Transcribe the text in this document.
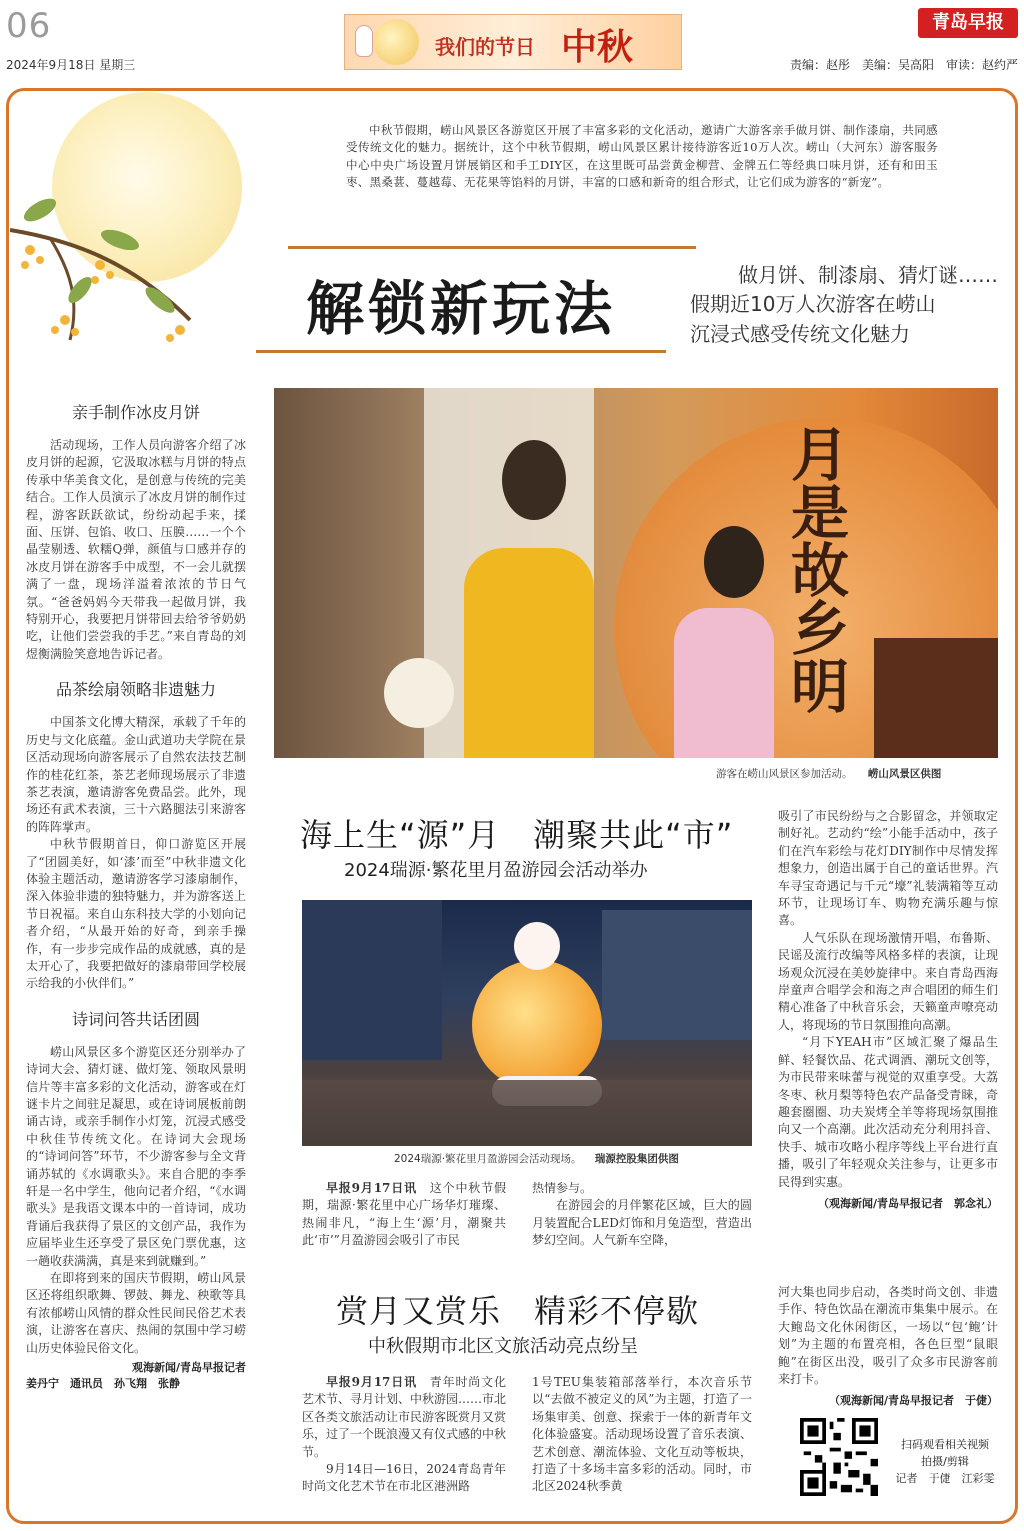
06
2024年9月18日 星期三
我们的节日 中秋
青岛早报
责编：赵彤　美编：吴高阳　审读：赵约严
中秋节假期，崂山风景区各游览区开展了丰富多彩的文化活动，邀请广大游客亲手做月饼、制作漆扇，共同感受传统文化的魅力。据统计，这个中秋节假期，崂山风景区累计接待游客近10万人次。崂山（大河东）游客服务中心中央广场设置月饼展销区和手工DIY区，在这里既可品尝黄金柳营、金牌五仁等经典口味月饼，还有和田玉枣、黑桑葚、蔓越莓、无花果等馅料的月饼，丰富的口感和新奇的组合形式，让它们成为游客的“新宠”。
解锁新玩法	做月饼、制漆扇、猜灯谜……
假期近10万人次游客在崂山
沉浸式感受传统文化魅力
月是故乡明
游客在崂山风景区参加活动。 崂山风景区供图
亲手制作冰皮月饼

活动现场，工作人员向游客介绍了冰皮月饼的起源，它汲取冰糕与月饼的特点传承中华美食文化，是创意与传统的完美结合。工作人员演示了冰皮月饼的制作过程，游客跃跃欲试，纷纷动起手来，揉面、压饼、包馅、收口、压膜……一个个晶莹剔透、软糯Q弹，颜值与口感并存的冰皮月饼在游客手中成型，不一会儿就摆满了一盘，现场洋溢着浓浓的节日气氛。“爸爸妈妈今天带我一起做月饼，我特别开心，我要把月饼带回去给爷爷奶奶吃，让他们尝尝我的手艺。”来自青岛的刘煜衡满脸笑意地告诉记者。

品茶绘扇领略非遗魅力

中国茶文化博大精深，承载了千年的历史与文化底蕴。金山武道功夫学院在景区活动现场向游客展示了自然农法技艺制作的桂花红茶，茶艺老师现场展示了非遗茶艺表演，邀请游客免费品尝。此外，现场还有武术表演，三十六路腿法引来游客的阵阵掌声。

中秋节假期首日，仰口游览区开展了“团圆美好，如‘漆’而至”中秋非遗文化体验主题活动，邀请游客学习漆扇制作，深入体验非遗的独特魅力，并为游客送上节日祝福。来自山东科技大学的小划向记者介绍，“从最开始的好奇，到亲手操作，有一步步完成作品的成就感，真的是太开心了，我要把做好的漆扇带回学校展示给我的小伙伴们。”

诗词问答共话团圆

崂山风景区多个游览区还分别举办了诗词大会、猜灯谜、做灯笼、领取风景明信片等丰富多彩的文化活动，游客或在灯谜卡片之间驻足凝思，或在诗词展板前朗诵古诗，或亲手制作小灯笼，沉浸式感受中秋佳节传统文化。在诗词大会现场的“诗词问答”环节，不少游客参与全文背诵苏轼的《水调歌头》。来自合肥的李季轩是一名中学生，他向记者介绍，“《水调歌头》是我语文课本中的一首诗词，成功背诵后我获得了景区的文创产品，我作为应届毕业生还享受了景区免门票优惠，这一趟收获满满，真是来到就赚到。”

在即将到来的国庆节假期，崂山风景区还将组织歌舞、锣鼓、舞龙、秧歌等具有浓郁崂山风情的群众性民间民俗艺术表演，让游客在喜庆、热闹的氛围中学习崂山历史体验民俗文化。

观海新闻/青岛早报记者
姜丹宁　通讯员　孙飞翔　张静
海上生“源”月　潮聚共此“市”
2024瑞源·繁花里月盈游园会活动举办
2024瑞源·繁花里月盈游园会活动现场。 瑞源控股集团供图

早报9月17日讯　 这个中秋节假期，瑞源·繁花里中心广场华灯璀璨、热闹非凡，“海上生‘源’月，潮聚共此‘市’”月盈游园会吸引了市民

热情参与。

在游园会的月伴繁花区域，巨大的圆月装置配合LED灯饰和月兔造型，营造出梦幻空间。人气新车空降，

吸引了市民纷纷与之合影留念，并领取定制好礼。艺动约“绘”小能手活动中，孩子们在汽车彩绘与花灯DIY制作中尽情发挥想象力，创造出属于自己的童话世界。汽车寻宝奇遇记与千元“壕”礼装满箱等互动环节，让现场订车、购物充满乐趣与惊喜。

人气乐队在现场激情开唱，布鲁斯、民谣及流行改编等风格多样的表演，让现场观众沉浸在美妙旋律中。来自青岛西海岸童声合唱学会和海之声合唱团的师生们精心准备了中秋音乐会，天籁童声嘹亮动人，将现场的节日氛围推向高潮。

“月下YEAH市”区域汇聚了爆品生鲜、轻餐饮品、花式调酒、潮玩文创等，为市民带来味蕾与视觉的双重享受。大荔冬枣、秋月梨等特色农产品备受青睐，奇趣套圈圈、功夫炭烤全羊等将现场氛围推向又一个高潮。此次活动充分利用抖音、快手、城市攻略小程序等线上平台进行直播，吸引了年轻观众关注参与，让更多市民得到实惠。

（观海新闻/青岛早报记者　郭念礼）
赏月又赏乐　精彩不停歇
中秋假期市北区文旅活动亮点纷呈

早报9月17日讯　 青年时尚文化艺术节、寻月计划、中秋游园……市北区各类文旅活动让市民游客既赏月又赏乐，过了一个既浪漫又有仪式感的中秋节。

9月14日—16日，2024青岛青年时尚文化艺术节在市北区港洲路

1号TEU集装箱部落举行，本次音乐节以“去做不被定义的风”为主题，打造了一场集审美、创意、探索于一体的新青年文化体验盛宴。活动现场设置了音乐表演、艺术创意、潮流体验、文化互动等板块，打造了十多场丰富多彩的活动。同时，市北区2024秋季黄

河大集也同步启动，各类时尚文创、非遗手作、特色饮品在潮流市集集中展示。在大鲍岛文化休闲街区，一场以“包‘鲍’计划”为主题的布置亮相，各色巨型“鼠眼鲍”在街区出没，吸引了众多市民游客前来打卡。

（观海新闻/青岛早报记者　于倢）
扫码观看相关视频
拍摄/剪辑
记者　于倢　江彩雯
